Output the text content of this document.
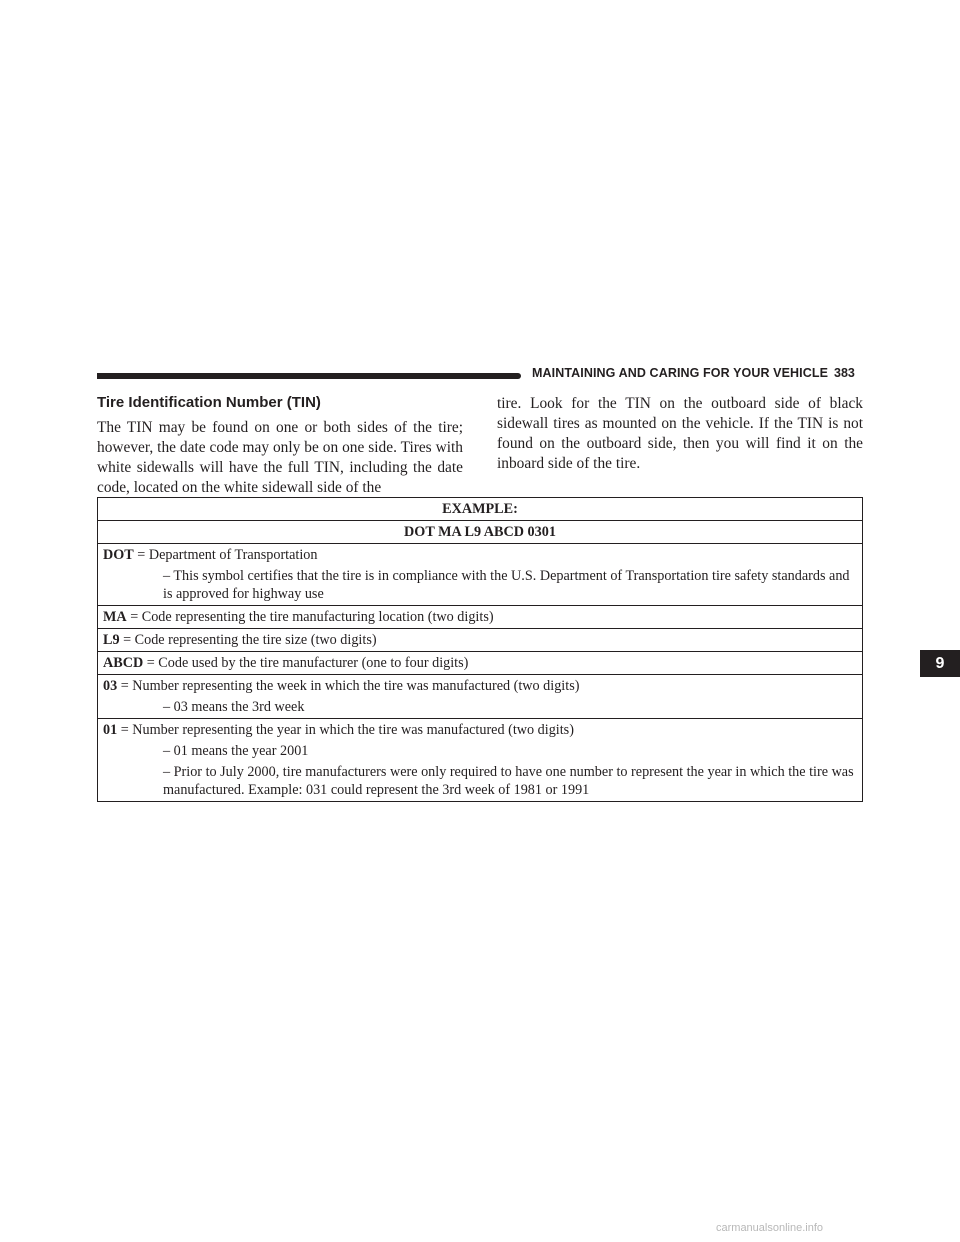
MAINTAINING AND CARING FOR YOUR VEHICLE 383
Tire Identification Number (TIN)

The TIN may be found on one or both sides of the tire; however, the date code may only be on one side. Tires with white sidewalls will have the full TIN, including the date code, located on the white sidewall side of the

tire. Look for the TIN on the outboard side of black sidewall tires as mounted on the vehicle. If the TIN is not found on the outboard side, then you will find it on the inboard side of the tire.

EXAMPLE:
DOT MA L9 ABCD 0301
DOT = Department of Transportation
– This symbol certifies that the tire is in compliance with the U.S. Department of Transportation tire safety standards and is approved for highway use

MA = Code representing the tire manufacturing location (two digits)
L9 = Code representing the tire size (two digits)
ABCD = Code used by the tire manufacturer (one to four digits)
03 = Number representing the week in which the tire was manufactured (two digits)
– 03 means the 3rd week

01 = Number representing the year in which the tire was manufactured (two digits)
– 01 means the year 2001
– Prior to July 2000, tire manufacturers were only required to have one number to represent the year in which the tire was manufactured. Example: 031 could represent the 3rd week of 1981 or 1991
9
carmanualsonline.info
